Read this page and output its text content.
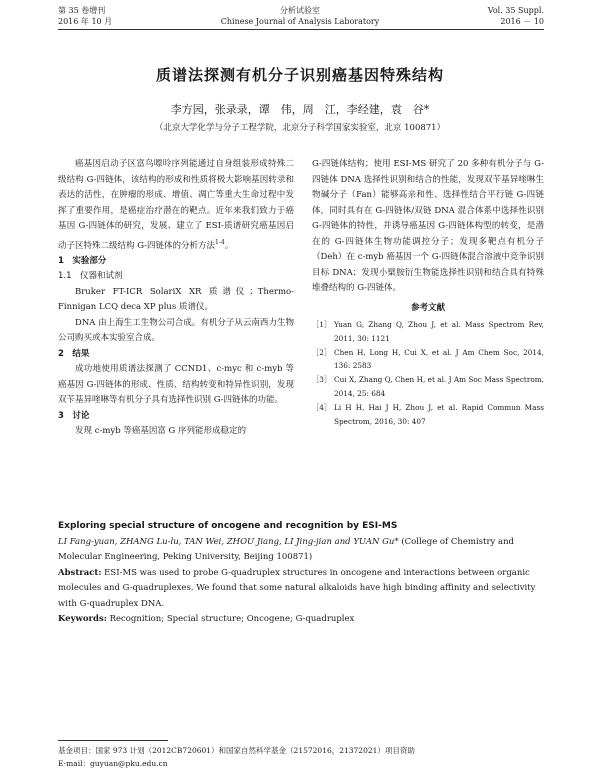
第 35 卷增刊
2016 年 10 月
分析试验室
Chinese Journal of Analysis Laboratory
Vol. 35 Suppl.
2016 － 10
质谱法探测有机分子识别癌基因特殊结构
李方园，张录录，谭　伟，周　江，李经建，袁　谷*
（北京大学化学与分子工程学院，北京分子科学国家实验室，北京 100871）

癌基因启动子区富鸟嘌呤序列能通过自身组装形成特殊二级结构 G-四链体，该结构的形成和性质将极大影响基因转录和表达的活性，在肿瘤的形成、增值、凋亡等重大生命过程中发挥了重要作用，是癌症治疗潜在的靶点。近年来我们致力于癌基因 G-四链体的研究，发展、建立了 ESI-质谱研究癌基因启动子区特殊二级结构 G-四链体的分析方法$^{1-4}$。

1　实验部分

1.1　仪器和试剂

Bruker FT-ICR SolariX XR 质谱仪；Thermo-Finnigan LCQ deca XP plus 质谱仪。

DNA 由上海生工生物公司合成。有机分子从云南西力生物公司购买或本实验室合成。

2　结果

成功地使用质谱法探测了 CCND1、c-myc 和 c-myb 等癌基因 G-四链体的形成、性质、结构转变和特异性识别，发现双苄基异喹啉等有机分子具有选择性识别 G-四链体的功能。

3　讨论

发现 c-myb 等癌基因富 G 序列能形成稳定的

G-四链体结构；使用 ESI-MS 研究了 20 多种有机分子与 G-四链体 DNA 选择性识别和结合的性能，发现双苄基异喹啉生物碱分子（Fan）能够高亲和性、选择性结合平行链 G-四链体，同时具有在 G-四链体/双链 DNA 混合体系中选择性识别 G-四链体的特性，并诱导癌基因 G-四链体构型的转变，是潜在的 G-四链体生物功能调控分子；发现多靶点有机分子（Deh）在 c-myb 癌基因一个 G-四链体混合溶液中竞争识别目标 DNA；发现小檗胺衍生物能选择性识别和结合具有特殊堆叠结构的 G-四链体。

参考文献
［1］ Yuan G, Zhang Q, Zhou J, et al. Mass Spectrom Rev, 2011, 30: 1121
［2］ Chen H, Long H, Cui X, et al. J Am Chem Soc, 2014, 136: 2583
［3］ Cui X, Zhang Q, Chen H, et al. J Am Soc Mass Spectrom, 2014, 25: 684
［4］ Li H H, Hai J H, Zhou J, et al. Rapid Commun Mass Spectrom, 2016, 30: 407
Exploring special structure of oncogene and recognition by ESI-MS
LI Fang-yuan, ZHANG Lu-lu, TAN Wei, ZHOU Jiang, LI Jing-jian and YUAN Gu* (College of Chemistry and Molecular Engineering, Peking University, Beijing 100871)
Abstract: ESI-MS was used to probe G-quadruplex structures in oncogene and interactions between organic molecules and G-quadruplexes. We found that some natural alkaloids have high binding affinity and selectivity with G-quadruplex DNA.
Keywords: Recognition; Special structure; Oncogene; G-quadruplex
基金项目：国家 973 计划（2012CB720601）和国家自然科学基金（21572016，21372021）项目资助
E-mail：guyuan@pku.edu.cn
